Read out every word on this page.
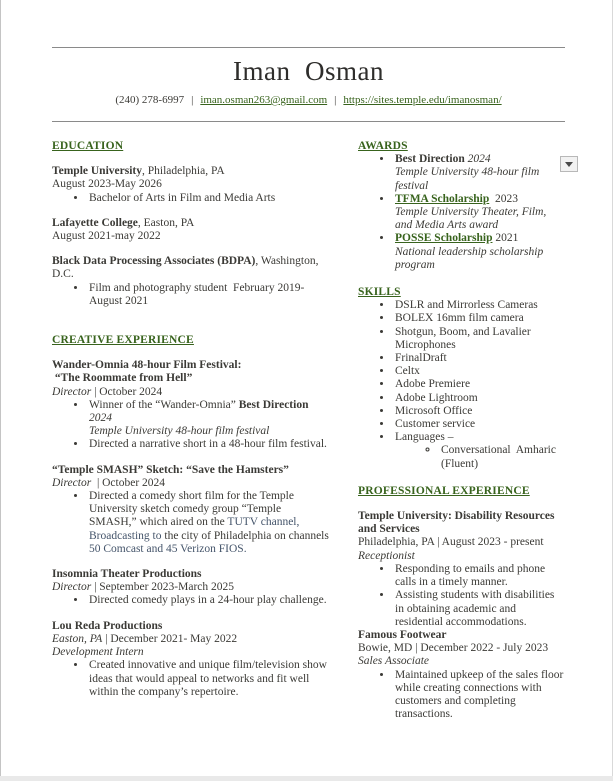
Iman  Osman
(240) 278-6997 | iman.osman263@gmail.com | https://sites.temple.edu/imanosman/
EDUCATION
Temple University, Philadelphia, PA
August 2023-May 2026
• Bachelor of Arts in Film and Media Arts
Lafayette College, Easton, PA
August 2021-may 2022
Black Data Processing Associates (BDPA), Washington, D.C.
• Film and photography student  February 2019-August 2021
CREATIVE EXPERIENCE
Wander-Omnia 48-hour Film Festival:
“The Roommate from Hell”
Director | October 2024
• Winner of the “Wander-Omnia” Best Direction
2024
Temple University 48-hour film festival
• Directed a narrative short in a 48-hour film festival.
“Temple SMASH” Sketch: “Save the Hamsters”
Director  | October 2024
• Directed a comedy short film for the Temple University sketch comedy group “Temple SMASH,” which aired on the TUTV channel, Broadcasting to the city of Philadelphia on channels 50 Comcast and 45 Verizon FIOS.
Insomnia Theater Productions
Director | September 2023-March 2025
• Directed comedy plays in a 24-hour play challenge.
Lou Reda Productions
Easton, PA | December 2021- May 2022
Development Intern
• Created innovative and unique film/television show ideas that would appeal to networks and fit well within the company’s repertoire.
AWARDS
• Best Direction 2024
Temple University 48-hour film festival
• TFMA Scholarship  2023
Temple University Theater, Film, and Media Arts award
• POSSE Scholarship 2021
National leadership scholarship program
SKILLS
• DSLR and Mirrorless Cameras
• BOLEX 16mm film camera
• Shotgun, Boom, and Lavalier Microphones
• FrinalDraft
• Celtx
• Adobe Premiere
• Adobe Lightroom
• Microsoft Office
• Customer service
• Languages –
◦ Conversational  Amharic (Fluent)
PROFESSIONAL EXPERIENCE
Temple University: Disability Resources and Services
Philadelphia, PA | August 2023 - present
Receptionist
• Responding to emails and phone calls in a timely manner.
• Assisting students with disabilities in obtaining academic and residential accommodations.
Famous Footwear
Bowie, MD | December 2022 - July 2023
Sales Associate
• Maintained upkeep of the sales floor while creating connections with customers and completing transactions.
